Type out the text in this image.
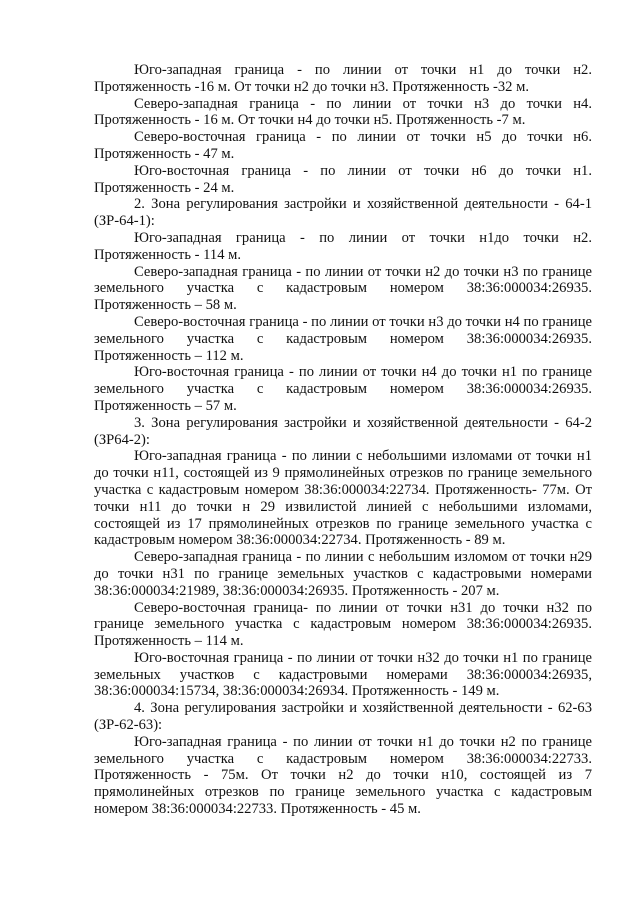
Юго-западная граница - по линии от точки н1 до точки н2. Протяженность -16 м. От точки н2 до точки н3. Протяженность -32 м.

Северо-западная граница - по линии от точки н3 до точки н4. Протяженность - 16 м. От точки н4 до точки н5. Протяженность -7 м.

Северо-восточная граница - по линии от точки н5 до точки н6. Протяженность - 47 м.

Юго-восточная граница - по линии от точки н6 до точки н1. Протяженность - 24 м.

2. Зона регулирования застройки и хозяйственной деятельности - 64-1 (ЗР-64-1):

Юго-западная граница - по линии от точки н1до точки н2. Протяженность - 114 м.

Северо-западная граница - по линии от точки н2 до точки н3 по границе земельного участка с кадастровым номером 38:36:000034:26935. Протяженность – 58 м.

Северо-восточная граница - по линии от точки н3 до точки н4 по границе земельного участка с кадастровым номером 38:36:000034:26935. Протяженность – 112 м.

Юго-восточная граница - по линии от точки н4 до точки н1 по границе земельного участка с кадастровым номером 38:36:000034:26935. Протяженность – 57 м.

3. Зона регулирования застройки и хозяйственной деятельности - 64-2 (ЗР64-2):

Юго-западная граница - по линии с небольшими изломами от точки н1 до точки н11, состоящей из 9 прямолинейных отрезков по границе земельного участка с кадастровым номером 38:36:000034:22734. Протяженность- 77м. От точки н11 до точки н 29 извилистой линией с небольшими изломами, состоящей из 17 прямолинейных отрезков по границе земельного участка с кадастровым номером 38:36:000034:22734. Протяженность - 89 м.

Северо-западная граница - по линии с небольшим изломом от точки н29 до точки н31 по границе земельных участков с кадастровыми номерами 38:36:000034:21989, 38:36:000034:26935. Протяженность - 207 м.

Северо-восточная граница- по линии от точки н31 до точки н32 по границе земельного участка с кадастровым номером 38:36:000034:26935. Протяженность – 114 м.

Юго-восточная граница - по линии от точки н32 до точки н1 по границе земельных участков с кадастровыми номерами 38:36:000034:26935, 38:36:000034:15734, 38:36:000034:26934. Протяженность - 149 м.

4. Зона регулирования застройки и хозяйственной деятельности - 62-63 (ЗР-62-63):

Юго-западная граница - по линии от точки н1 до точки н2 по границе земельного участка с кадастровым номером 38:36:000034:22733. Протяженность - 75м. От точки н2 до точки н10, состоящей из 7 прямолинейных отрезков по границе земельного участка с кадастровым номером 38:36:000034:22733. Протяженность - 45 м.
